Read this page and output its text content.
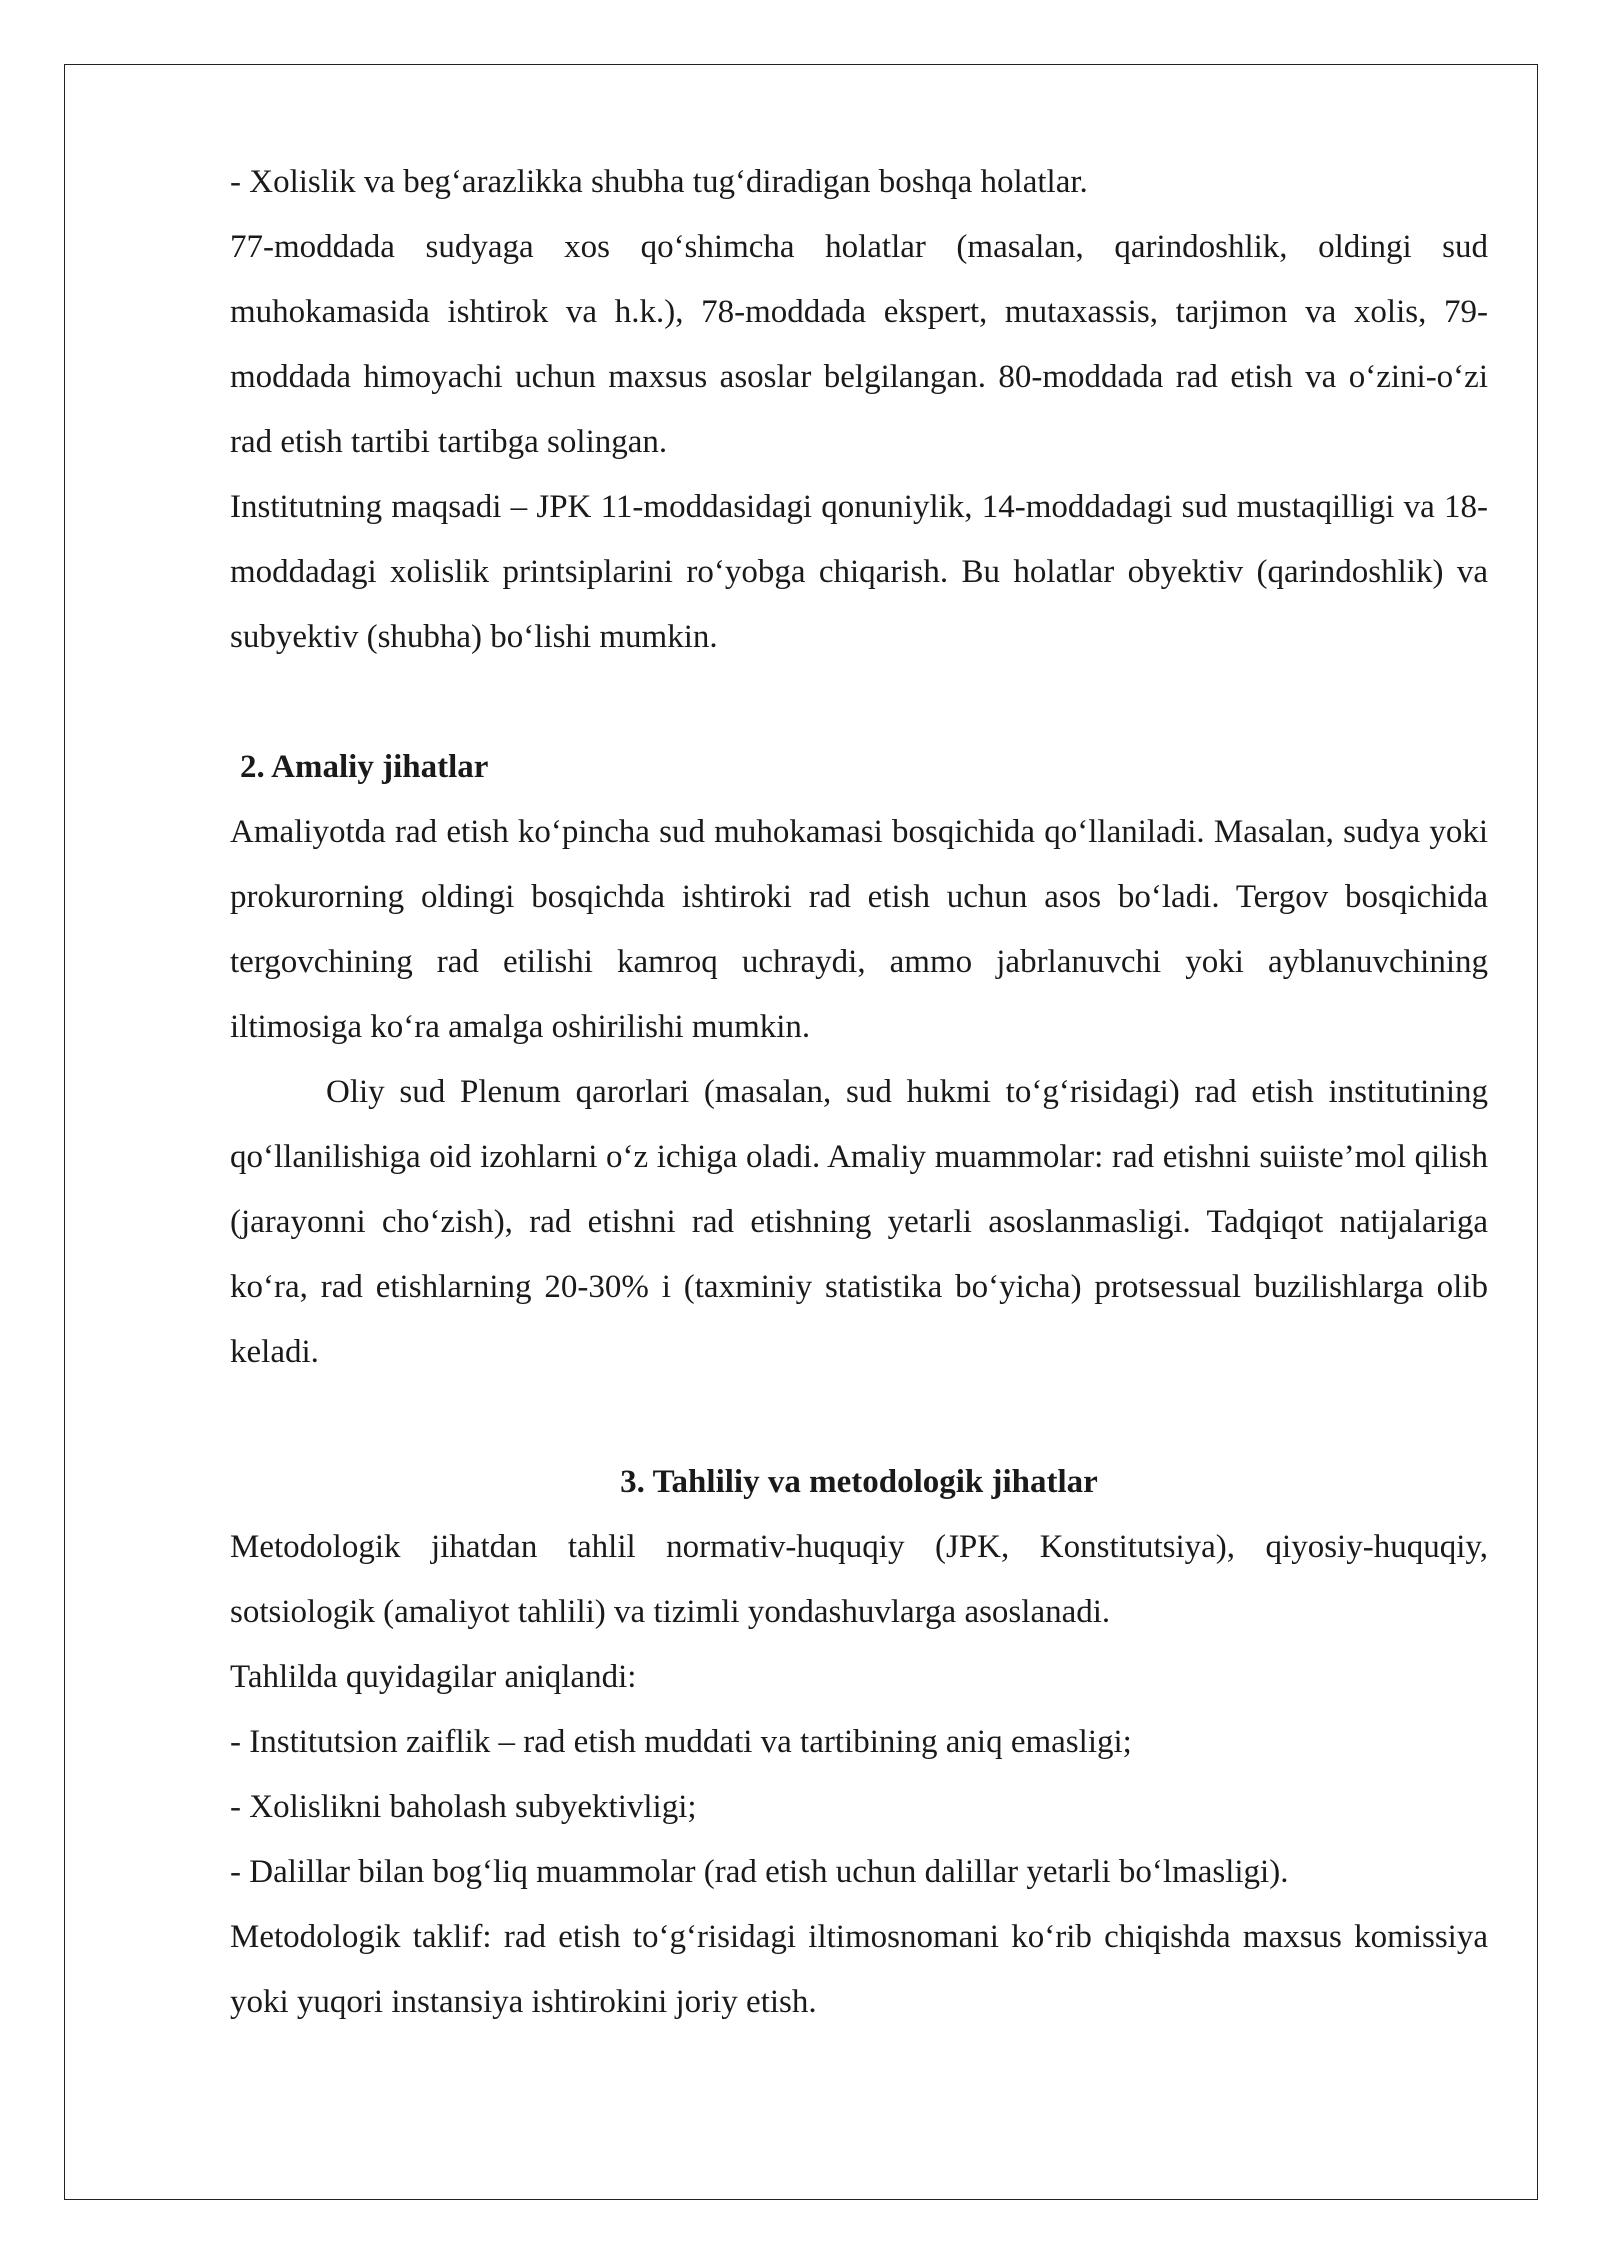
- Xolislik va beg‘arazlikka shubha tug‘diradigan boshqa holatlar.

77-moddada sudyaga xos qo‘shimcha holatlar (masalan, qarindoshlik, oldingi sud muhokamasida ishtirok va h.k.), 78-moddada ekspert, mutaxassis, tarjimon va xolis, 79-moddada himoyachi uchun maxsus asoslar belgilangan. 80-moddada rad etish va o‘zini-o‘zi rad etish tartibi tartibga solingan.

Institutning maqsadi – JPK 11-moddasidagi qonuniylik, 14-moddadagi sud mustaqilligi va 18-moddadagi xolislik printsiplarini ro‘yobga chiqarish. Bu holatlar obyektiv (qarindoshlik) va subyektiv (shubha) bo‘lishi mumkin.

2. Amaliy jihatlar

Amaliyotda rad etish ko‘pincha sud muhokamasi bosqichida qo‘llaniladi. Masalan, sudya yoki prokurorning oldingi bosqichda ishtiroki rad etish uchun asos bo‘ladi. Tergov bosqichida tergovchining rad etilishi kamroq uchraydi, ammo jabrlanuvchi yoki ayblanuvchining iltimosiga ko‘ra amalga oshirilishi mumkin.

Oliy sud Plenum qarorlari (masalan, sud hukmi to‘g‘risidagi) rad etish institutining qo‘llanilishiga oid izohlarni o‘z ichiga oladi. Amaliy muammolar: rad etishni suiiste’mol qilish (jarayonni cho‘zish), rad etishni rad etishning yetarli asoslanmasligi. Tadqiqot natijalariga ko‘ra, rad etishlarning 20-30% i (taxminiy statistika bo‘yicha) protsessual buzilishlarga olib keladi.

3. Tahliliy va metodologik jihatlar

Metodologik jihatdan tahlil normativ-huquqiy (JPK, Konstitutsiya), qiyosiy-huquqiy, sotsiologik (amaliyot tahlili) va tizimli yondashuvlarga asoslanadi.

Tahlilda quyidagilar aniqlandi:

- Institutsion zaiflik – rad etish muddati va tartibining aniq emasligi;

- Xolislikni baholash subyektivligi;

- Dalillar bilan bog‘liq muammolar (rad etish uchun dalillar yetarli bo‘lmasligi).

Metodologik taklif: rad etish to‘g‘risidagi iltimosnomani ko‘rib chiqishda maxsus komissiya yoki yuqori instansiya ishtirokini joriy etish.
